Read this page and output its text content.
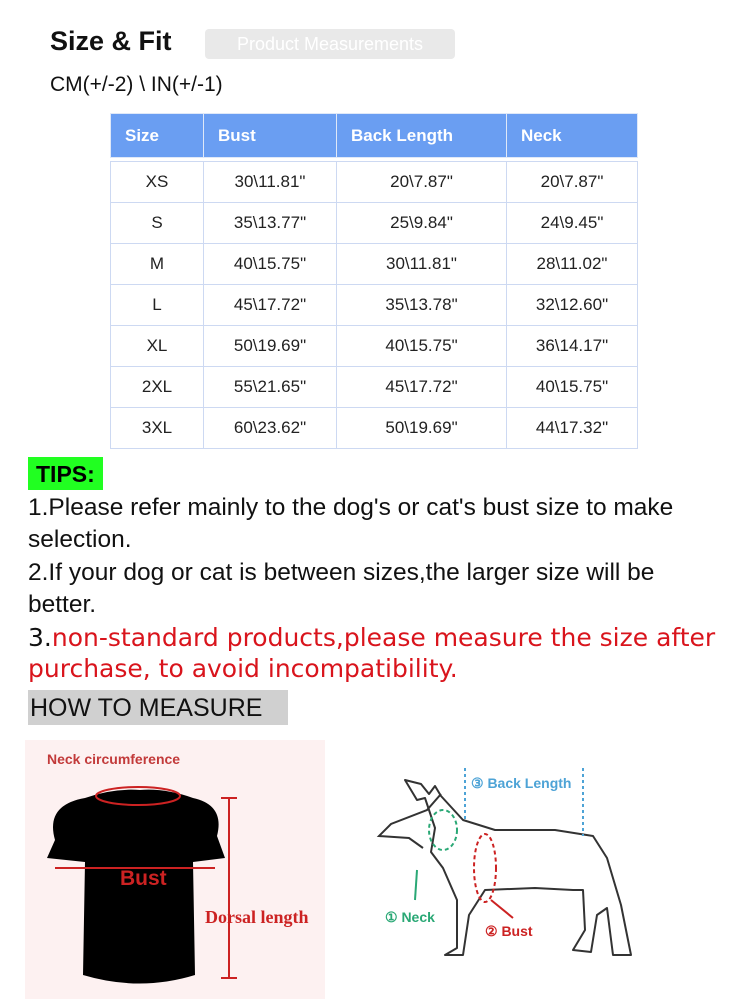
Size & Fit	Product Measurements
CM(+/-2) \ IN(+/-1)
Size	Bust	Back Length	Neck

XS	30\11.81"	20\7.87"	20\7.87"
S	35\13.77"	25\9.84"	24\9.45"
M	40\15.75"	30\11.81"	28\11.02"
L	45\17.72"	35\13.78"	32\12.60"
XL	50\19.69"	40\15.75"	36\14.17"
2XL	55\21.65"	45\17.72"	40\15.75"
3XL	60\23.62"	50\19.69"	44\17.32"
TIPS:
1.Please refer mainly to the dog's or cat's bust size to make selection.
2.If your dog or cat is between sizes,the larger size will be better.
3.non-standard products,please measure the size after purchase, to avoid incompatibility.
HOW TO MEASURE
Neck circumference
Bust
Dorsal length
③ Back Length
① Neck
② Bust
